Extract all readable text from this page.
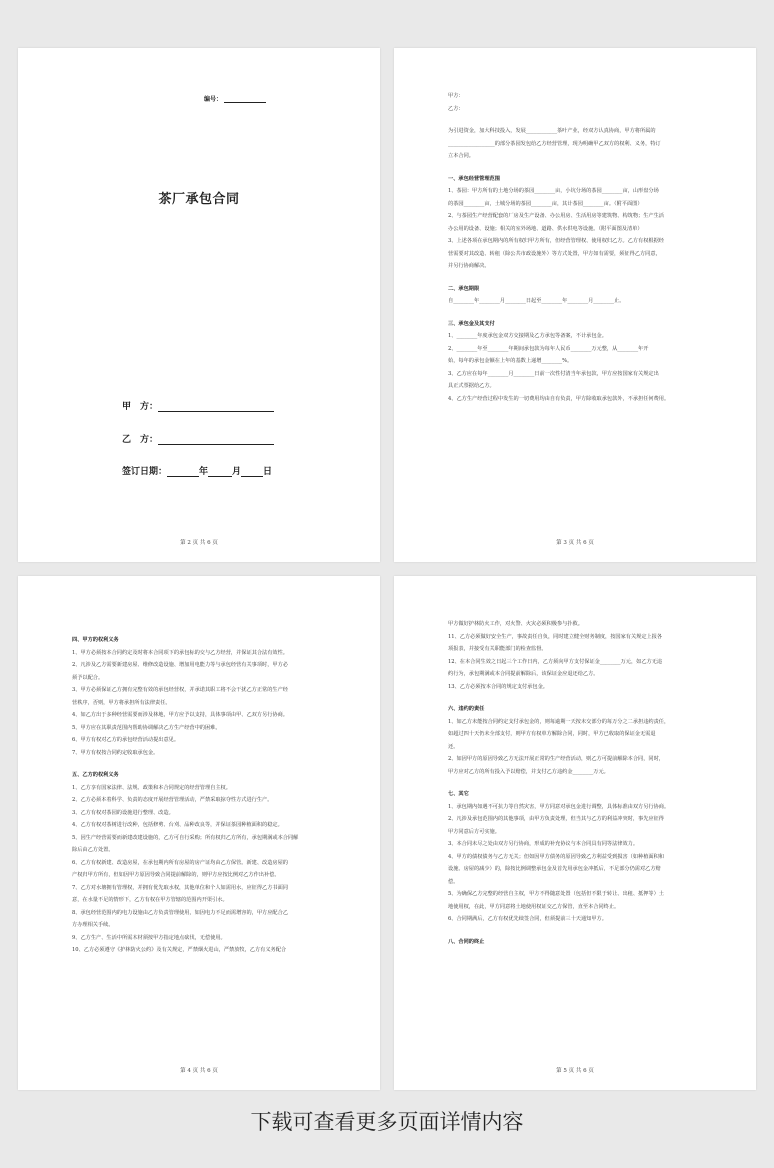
编号：
茶厂承包合同
甲　方：
乙　方：
签订日期：	年	月 日
第 2 页 共 6 页

甲方：

乙方：

为引进资金，加大科技投入，发展____________茶叶产业，经双方认真协商，甲方将所属的

__________________的部分茶园发包给乙方经营管理，现为明确甲乙双方的权利、义务，特订

立本合同。

一、承包经营管理范围

1、茶园：甲方所有的土地分场的茶园________亩，小坑分场的茶园________亩，山形盘分场

的茶园________亩，土城分场的茶园________亩，其计茶园________亩。（附平面图）

2、与茶园生产经营配套的厂房及生产设备、办公用房、生活用房等建筑物、构筑物；生产生活

办公用的设备、设施；相关的室外场地、道路、供水供电等设施。（附平面图及清单）

3、上述各项在承包期内的所有权归甲方所有，但经营管理权、使用权归乙方。乙方有权根据经

营需要对其改造、转租（除公共市政设施外）等方式处置，甲方如有需要，须征得乙方同意，

并另行协商解决。

二、承包期限

自________年________月________日起至________年________月________止。

三、承包金及其支付

1、________年度承包金双方交接期及乙方承包等备案，不计承包金。

2、________年至________年期间承包款为每年人民币________万元整，从________年开

始，每年的承包金额在上年的基数上递增________%。

3、乙方应在每年________月________日前一次性付清当年承包款，甲方应按国家有关规定出

具正式票据给乙方。

4、乙方生产经营过程中发生的一切费用均由自有负责，甲方除收取承包款外，不承担任何费用。

第 3 页 共 6 页

四、甲方的权利义务

1、甲方必须按本合同约定及时将本合同项下的承包标的交与乙方经营，并保证其合法有效性。

2、凡涉及乙方需要新建房屋、维修改造设施、增加用电能力等与承包经营有关事项时，甲方必

须予以配合。

3、甲方必须保证乙方拥有完整有效的承包经营权，并承诺其职工将不会干扰乙方正常的生产经

营秩序，否则，甲方将承担所有法律责任。

4、如乙方出于多种经营需要而涉及林地，甲方应予以支持，具体事项由甲、乙双方另行协商。

5、甲方应在其职责范围内帮助协调解决乙方生产经营中的困难。

6、甲方有权对乙方的承包经营活动提出意见。

7、甲方有权按合同约定收取承包金。

五、乙方的权利义务

1、乙方享有国家法律、法规、政策和本合同规定的经营管理自主权。

2、乙方必须本着科学、负责的态度开展经营管理活动，严禁采取掠夺性方式进行生产。

3、乙方有权对茶园的设施进行整理、改造。

4、乙方有权对茶树进行改种，包括修剪、台刈、品种改良等，并保证茶园种植面积的稳定。

5、因生产经营需要而新建改建设施的，乙方可自行采购；所有权归乙方所有，承包期满或本合同解

除后由乙方处置。

6、乙方有权新建、改造房屋，在承包期内所有房屋的房产证均由乙方保管。新建、改造房屋的

产权归甲方所有，但如因甲方原因导致合同提前解除的，则甲方应按比例对乙方作出补偿。

7、乙方对水塘拥有管理权，并拥有优先取水权，其他单位和个人如需用水，应征得乙方书面同

意，在水量不足的情形下，乙方有权在甲方管辖的范围内开渠引水。

8、承包经营范围内的电力设施由乙方负责管理使用，如因电力不足而需增容的，甲方应配合乙

方办理相关手续。

9、乙方生产、生活中所需木材须按甲方指定地点砍伐，无偿使用。

10、乙方必须遵守《护林防火公约》及有关规定，严禁烟火进山，严禁放牧，乙方有义务配合

第 4 页 共 6 页

甲方做好护林防火工作，对火警、火灾必须积极参与扑救。

11、乙方必须做好安全生产，事故责任自负，同时建立健全财务制度，按国家有关规定上报各

项报表，并接受有关职能部门的检查监督。

12、在本合同生效之日起三个工作日内，乙方须向甲方支付保证金________万元，如乙方无违

约行为，承包期满或本合同提前解除后，该保证金应退还给乙方。

13、乙方必须按本合同的规定支付承包金。

六、违约的责任

1、如乙方未能按合同约定支付承包金的，则每逾期一天按未交部分的每万分之二承担违约责任，

如超过四十天仍未全部支付，则甲方有权单方解除合同，同时，甲方已收取的保证金无需退

还。

2、如因甲方的原因导致乙方无法开展正常的生产经营活动，则乙方可提前解除本合同，同时，

甲方应对乙方的所有投入予以赔偿，并支付乙方违约金________万元。

七、其它

1、承包期内如遇不可抗力等自然灾害，甲方同意对承包金进行调整，具体标准由双方另行协商。

2、凡涉及承包范围内的其他事项，由甲方负责处理，但当其与乙方的利益冲突时，事先应征得

甲方同意后方可实施。

3、本合同未尽之处由双方另行协商，形成的补充协议与本合同具有同等法律效力。

4、甲方的债权债务与乙方无关；但如因甲方债务的原因导致乙方利益受到损害（如种植面积和

设施、房屋的减少）的，除按比例调整承包金及首先用承包金冲抵后，不足部分仍需对乙方赔

偿。

5、为确保乙方完整的经营自主权，甲方不得随意处置（包括但不限于转让、出租、抵押等）土

地使用权，在此，甲方同意将土地使用权证交乙方保管，直至本合同终止。

6、合同期满后，乙方有权优先续签合同，但须提前三十天通知甲方。

八、合同的终止

第 5 页 共 6 页
下载可查看更多页面详情内容
